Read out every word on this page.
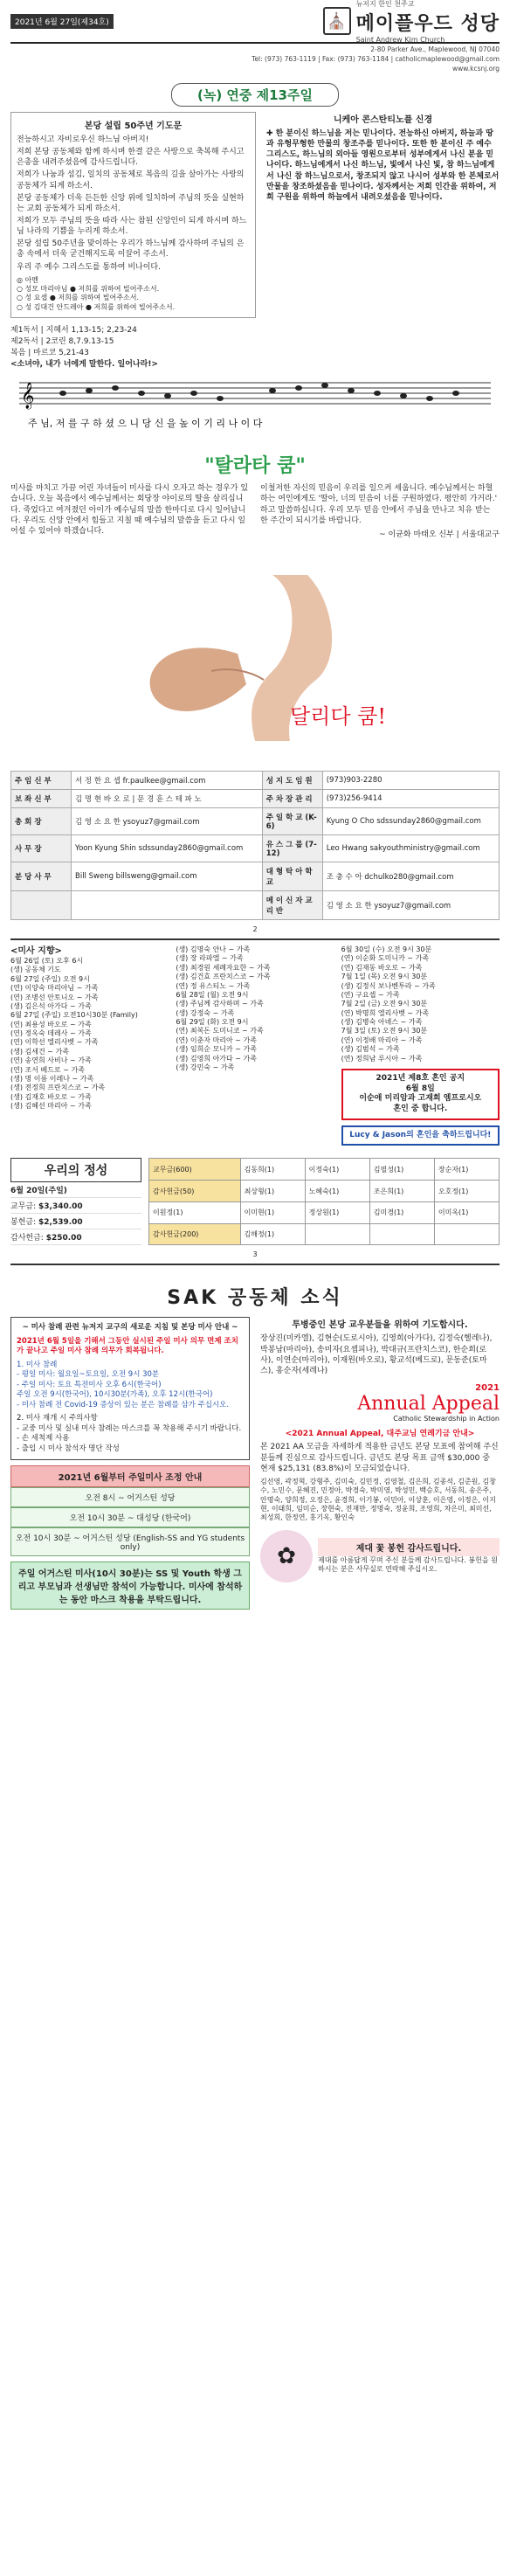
2021년 6월 27일(제34호)	⛪
뉴저지 한인 천주교
메이플우드 성당
Saint Andrew Kim Church
2-80 Parker Ave., Maplewood, NJ 07040
Tel: (973) 763-1119 | Fax: (973) 763-1184 | catholicmaplewood@gmail.com
www.kcsnj.org
(녹) 연중 제13주일
본당 설립 50주년 기도문
전능하시고 자비로우신 하느님 아버지!
저희 본당 공동체와 함께 하시며 한결 같은 사랑으로 축복해 주시고 은총을 내려주셨음에 감사드립니다.
저희가 나눔과 섬김, 일치의 공동체로 복음의 길을 살아가는 사랑의 공동체가 되게 하소서.
본당 공동체가 더욱 든든한 신앙 위에 일치하여 주님의 뜻을 실현하는 교회 공동체가 되게 하소서.
저희가 모두 주님의 뜻을 따라 사는 참된 신앙인이 되게 하시며 하느님 나라의 기쁨을 누리게 하소서.
본당 설립 50주년을 맞이하는 우리가 하느님께 감사하며 주님의 은총 속에서 더욱 굳건해지도록 이끌어 주소서.
우리 주 예수 그리스도를 통하여 비나이다.
◎ 아멘
○ 성모 마리아님 ● 저희를 위하여 빌어주소서.
○ 성 요셉 ● 저희를 위하여 빌어주소서.
○ 성 김대건 안드레아 ● 저희를 위하여 빌어주소서.
니케아 콘스탄티노플 신경
✚ 한 분이신 하느님을 저는 믿나이다. 전능하신 아버지, 하늘과 땅과 유형무형한 만물의 창조주를 믿나이다. 또한 한 분이신 주 예수 그리스도, 하느님의 외아들 영원으로부터 성부에게서 나신 분을 믿나이다. 하느님에게서 나신 하느님, 빛에서 나신 빛, 참 하느님에게서 나신 참 하느님으로서, 창조되지 않고 나시어 성부와 한 본체로서 만물을 창조하셨음을 믿나이다. 성자께서는 저희 인간을 위하여, 저희 구원을 위하여 하늘에서 내려오셨음을 믿나이다.
제1독서 | 지혜서 1,13-15; 2,23-24
제2독서 | 2코린 8,7.9.13-15
복음 | 마르코 5,21-43
<소녀야, 내가 너에게 말한다. 일어나라!>
𝄞
주 님, 저 를 구 하 셨 으 니 당 신 을 높 이 기 리 나 이 다
"탈라타 쿰"
미사를 마치고 가끔 어린 자녀들이 미사를 다시 오자고 하는 경우가 있습니다. 오늘 복음에서 예수님께서는 회당장 야이로의 딸을 살리십니다. 죽었다고 여겨졌던 아이가 예수님의 말씀 한마디로 다시 일어납니다. 우리도 신앙 안에서 힘들고 지칠 때 예수님의 말씀을 듣고 다시 일어설 수 있어야 하겠습니다.
이철저한 자신의 믿음이 우리를 일으켜 세웁니다. 예수님께서는 하혈하는 여인에게도 '딸아, 너의 믿음이 너를 구원하였다. 평안히 가거라.' 하고 말씀하십니다. 우리 모두 믿음 안에서 주님을 만나고 치유 받는 한 주간이 되시기를 바랍니다.
~ 이균화 마태오 신부 | 서울대교구
달리다 쿰!
주 임 신 부	서 정 한 요 셉 fr.paulkee@gmail.com	성 지 도 임 원	(973)903-2280
보 좌 신 부	김 명 현 바 오 로 | 문 경 훈 스 테 파 노	주 차 장 관 리	(973)256-9414
총 회 장	김 영 소 요 한 ysoyuz7@gmail.com	주 일 학 교 (K-6)	Kyung O Cho sdssunday2860@gmail.com
사 무 장	Yoon Kyung Shin sdssunday2860@gmail.com	유 스 그 룹 (7-12)	Leo Hwang sakyouthministry@gmail.com
분 당 사 무	Bill Sweng billsweng@gmail.com	대 형 탁 아 학 교	조 충 수 아 dchulko280@gmail.com
		메 이 신 자 교 리 반	김 영 소 요 한 ysoyuz7@gmail.com
2
<미사 지향>
6월 26일 (토) 오후 6시
(생) 공동체 기도
6월 27일 (주일) 오전 9시
(연) 이양숙 마리아님 ~ 가족
(연) 조병선 안토니오 ~ 가족
(생) 김은석 아가다 ~ 가족
6월 27일 (주일) 오전10시30분 (Family)
(연) 최용성 바오로 ~ 가족
(연) 정옥숙 데레사 ~ 가족
(연) 이학선 엘리사벳 ~ 가족
(생) 김세건 ~ 가족
(연) 송연희 사비나 ~ 가족
(연) 조서 베드로 ~ 가족
(생) 명 이름 이레나 ~ 가족
(생) 전정희 프란치스코 ~ 가족
(생) 김재호 바오로 ~ 가족
(생) 김혜선 마리아 ~ 가족
(생) 김명숙 안나 ~ 가족
(생) 장 라파엘 ~ 가족
(생) 최경원 세례자요한 ~ 가족
(생) 김건효 프란치스코 ~ 가족
(연) 정 유스티노 ~ 가족
6월 28일 (월) 오전 9시
(생) 주님께 감사하며 ~ 가족
(생) 강정숙 ~ 가족
6월 29일 (화) 오전 9시
(연) 최복돈 도미니코 ~ 가족
(연) 이춘자 마리아 ~ 가족
(생) 임희순 모니카 ~ 가족
(생) 김영희 아가다 ~ 가족
(생) 강민숙 ~ 가족
6월 30일 (수) 오전 9시 30분
(연) 이순화 도미니카 ~ 가족
(연) 김재동 바오로 ~ 가족
7월 1일 (목) 오전 9시 30분
(생) 김정식 보나벤투라 ~ 가족
(연) 구요셉 ~ 가족
7월 2일 (금) 오전 9시 30분
(연) 박명희 엘리사벳 ~ 가족
(생) 김병숙 아녜스 ~ 가족
7월 3일 (토) 오전 9시 30분
(연) 이정배 마리아 ~ 가족
(생) 김범석 ~ 가족
(연) 정희남 루시아 ~ 가족
2021년 제8호 혼인 공지
6월 8일
이순애 미리암과 고재희 엠프로시오
혼인 중 합니다.
Lucy & Jason의 혼인을 축하드립니다!
우리의 정성
6월 20일(주일)
교무금: $3,340.00
봉헌금: $2,539.00
감사헌금: $250.00
교무금(600)	김동희(1)	이정숙(1)	김필성(1)	장순자(1)
감사헌금(50)	최상형(1)	노혜숙(1)	조은희(1)	오호정(1)
이원정(1)	이미현(1)	정상원(1)	김미경(1)	이미옥(1)
감사헌금(200)	김해정(1)			
3
SAK 공동체 소식
~ 미사 참례 관련 뉴저지 교구의 새로운 지침 및 본당 미사 안내 ~
2021년 6월 5일을 기해서 그동안 실시된 주일 미사 의무 면제 조치가 끝나고 주일 미사 참례 의무가 회복됩니다.
1. 미사 참례
- 평일 미사: 월요일~토요일, 오전 9시 30분
- 주일 미사: 토요 특전미사 오후 6시(한국어)
주일 오전 9시(한국어), 10시30분(가족), 오후 12시(한국어)
- 미사 참례 전 Covid-19 증상이 있는 분은 참례를 삼가 주십시오.
2. 미사 재개 시 주의사항
- 교중 미사 및 실내 미사 참례는 마스크를 꼭 착용해 주시기 바랍니다.
- 손 세척제 사용
- 출입 시 미사 참석자 명단 작성
2021년 6월부터 주일미사 조정 안내
오전 8시 ~ 어거스틴 성당
오전 10시 30분 ~ 대성당 (한국어)
오전 10시 30분 ~ 어거스틴 성당 (English-SS and YG students only)
주일 어거스틴 미사(10시 30분)는 SS 및 Youth 학생 그리고 부모님과 선생님만 참석이 가능합니다. 미사에 참석하는 동안 마스크 착용을 부탁드립니다.
투병중인 본당 교우분들을 위하여 기도합시다.
장상진(미카엘), 김현순(도로시아), 김영희(아가다), 김정숙(헬레나), 박봉남(마리아), 송미자(요셉피나), 박대규(프란치스코), 한순희(로사), 이연순(마리아), 이재원(바오로), 황교석(베드로), 문동준(토마스), 홍순자(세레나)
2021
Annual Appeal
Catholic Stewardship in Action
<2021 Annual Appeal, 대주교님 연례기금 안내>
본 2021 AA 모금을 자세하게 적용한 금년도 본당 모표에 참여해 주신 분들께 진심으로 감사드립니다. 금년도 본당 목표 금액 $30,000 중 현재 $25,131 (83.8%)이 모금되었습니다.
김선영, 곽정혁, 강형주, 김미숙, 김민정, 김영철, 김은희, 김종석, 김준원, 김창수, 노민수, 문혜진, 민정아, 박경숙, 박미영, 박성민, 백승호, 서동희, 송은주, 안명숙, 양희정, 오정은, 윤경희, 이기봉, 이민아, 이상훈, 이은영, 이정은, 이지현, 이태희, 임미순, 장현숙, 전재만, 정명숙, 정윤희, 조영희, 차은미, 최미선, 최성희, 한정연, 홍기옥, 황인숙
✿	제대 꽃 봉헌 감사드립니다.
제대를 아름답게 꾸며 주신 분들께 감사드립니다. 봉헌을 원하시는 분은 사무실로 연락해 주십시오.
